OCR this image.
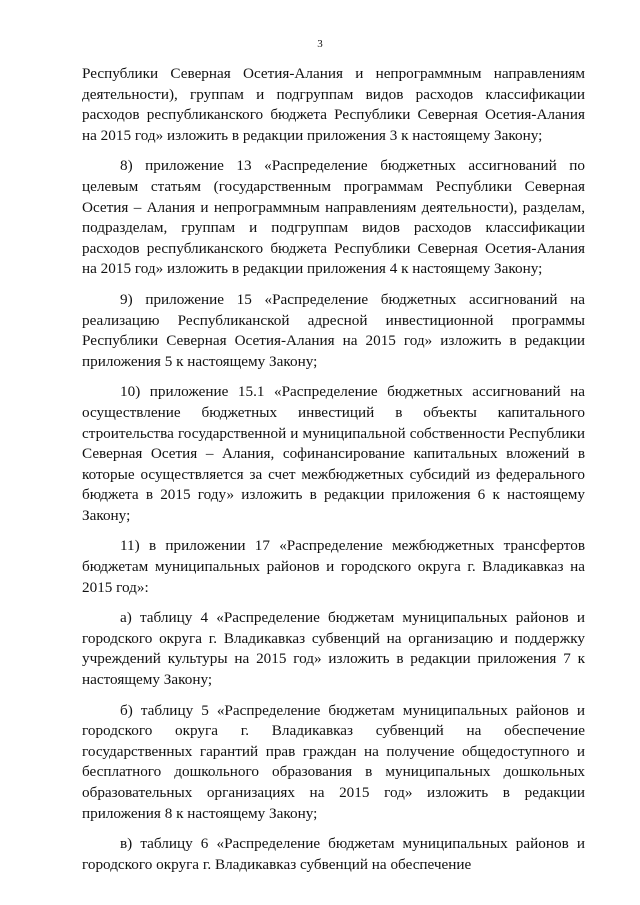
3

Республики Северная Осетия-Алания и непрограммным направлениям деятельности), группам и подгруппам видов расходов классификации расходов республиканского бюджета Республики Северная Осетия-Алания на 2015 год» изложить в редакции приложения 3 к настоящему Закону;

8) приложение 13 «Распределение бюджетных ассигнований по целевым статьям (государственным программам Республики Северная Осетия – Алания и непрограммным направлениям деятельности), разделам, подразделам, группам и подгруппам видов расходов классификации расходов республиканского бюджета Республики Северная Осетия-Алания на 2015 год» изложить в редакции приложения 4 к настоящему Закону;

9) приложение 15 «Распределение бюджетных ассигнований на реализацию Республиканской адресной инвестиционной программы Республики Северная Осетия-Алания на 2015 год» изложить в редакции приложения 5 к настоящему Закону;

10) приложение 15.1 «Распределение бюджетных ассигнований на осуществление бюджетных инвестиций в объекты капитального строительства государственной и муниципальной собственности Республики Северная Осетия – Алания, софинансирование капитальных вложений в которые осуществляется за счет межбюджетных субсидий из федерального бюджета в 2015 году» изложить в редакции приложения 6 к настоящему Закону;

11) в приложении 17 «Распределение межбюджетных трансфертов бюджетам муниципальных районов и городского округа г. Владикавказ на 2015 год»:

а) таблицу 4 «Распределение бюджетам муниципальных районов и городского округа г. Владикавказ субвенций на организацию и поддержку учреждений культуры на 2015 год» изложить в редакции приложения 7 к настоящему Закону;

б) таблицу 5 «Распределение бюджетам муниципальных районов и городского округа г. Владикавказ субвенций на обеспечение государственных гарантий прав граждан на получение общедоступного и бесплатного дошкольного образования в муниципальных дошкольных образовательных организациях на 2015 год» изложить в редакции приложения 8 к настоящему Закону;

в) таблицу 6 «Распределение бюджетам муниципальных районов и городского округа г. Владикавказ субвенций на обеспечение
